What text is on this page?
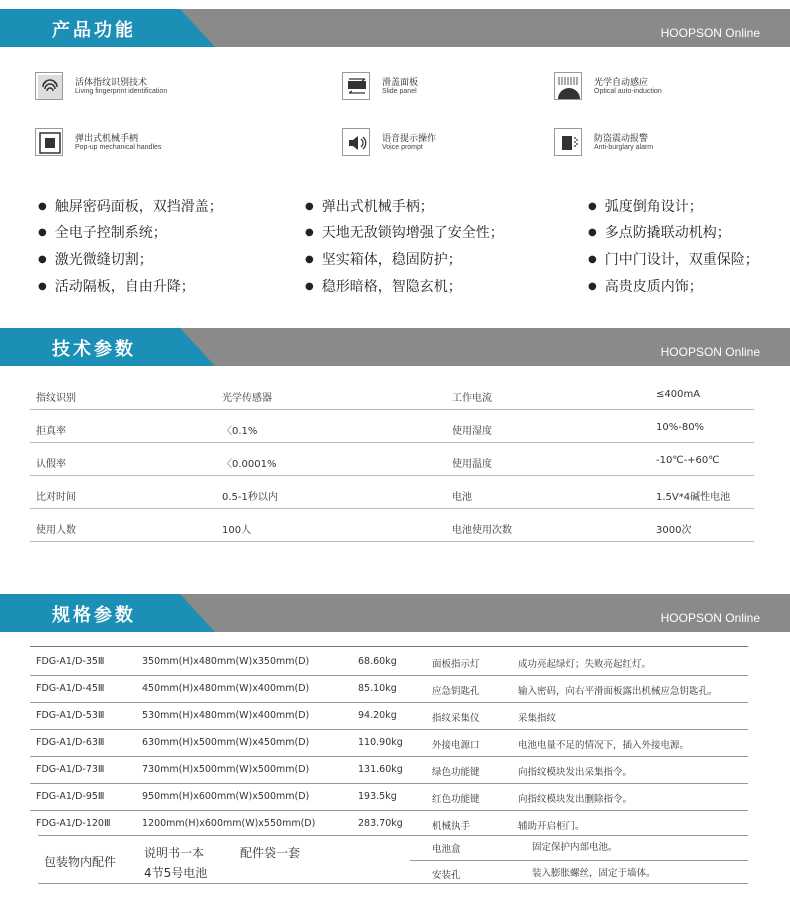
产品功能	HOOPSON Online
活体指纹识别技术
Living fingerprint identification
滑盖面板
Slide panel
光学自动感应
Optical auto-induction
弹出式机械手柄
Pop-up mechanical handles
语音提示操作
Voice prompt
防盗震动报警
Anti-burglary alarm
● 触屏密码面板，双挡滑盖；
● 全电子控制系统；
● 激光微缝切割；
● 活动隔板，自由升降；
● 弹出式机械手柄；
● 天地无敌锁钩增强了安全性；
● 坚实箱体，稳固防护；
● 稳形暗格，智隐玄机；
● 弧度倒角设计；
● 多点防撬联动机构；
● 门中门设计，双重保险；
● 高贵皮质内饰；
技术参数	HOOPSON Online
指纹识别	光学传感器	工作电流	≤400mA
拒真率	〈0.1%	使用湿度	10%-80%
认假率	〈0.0001%	使用温度	-10℃-+60℃
比对时间	0.5-1秒以内	电池	1.5V*4碱性电池
使用人数	100人	电池使用次数	3000次
规格参数	HOOPSON Online
FDG-A1/D-35Ⅲ	350mm(H)x480mm(W)x350mm(D)	68.60kg	面板指示灯	成功亮起绿灯；失败亮起红灯。
FDG-A1/D-45Ⅲ	450mm(H)x480mm(W)x400mm(D)	85.10kg	应急钥匙孔	输入密码，向右平滑面板露出机械应急钥匙孔。
FDG-A1/D-53Ⅲ	530mm(H)x480mm(W)x400mm(D)	94.20kg	指纹采集仪	采集指纹
FDG-A1/D-63Ⅲ	630mm(H)x500mm(W)x450mm(D)	110.90kg	外接电源口	电池电量不足的情况下，插入外接电源。
FDG-A1/D-73Ⅲ	730mm(H)x500mm(W)x500mm(D)	131.60kg	绿色功能键	向指纹模块发出采集指令。
FDG-A1/D-95Ⅲ	950mm(H)x600mm(W)x500mm(D)	193.5kg	红色功能键	向指纹模块发出删除指令。
FDG-A1/D-120Ⅲ	1200mm(H)x600mm(W)x550mm(D)	283.70kg	机械执手	辅助开启柜门。
包装物内配件
说明书一本	配件袋一套
4节5号电池
电池盒	固定保护内部电池。
安装孔	装入膨胀螺丝，固定于墙体。
